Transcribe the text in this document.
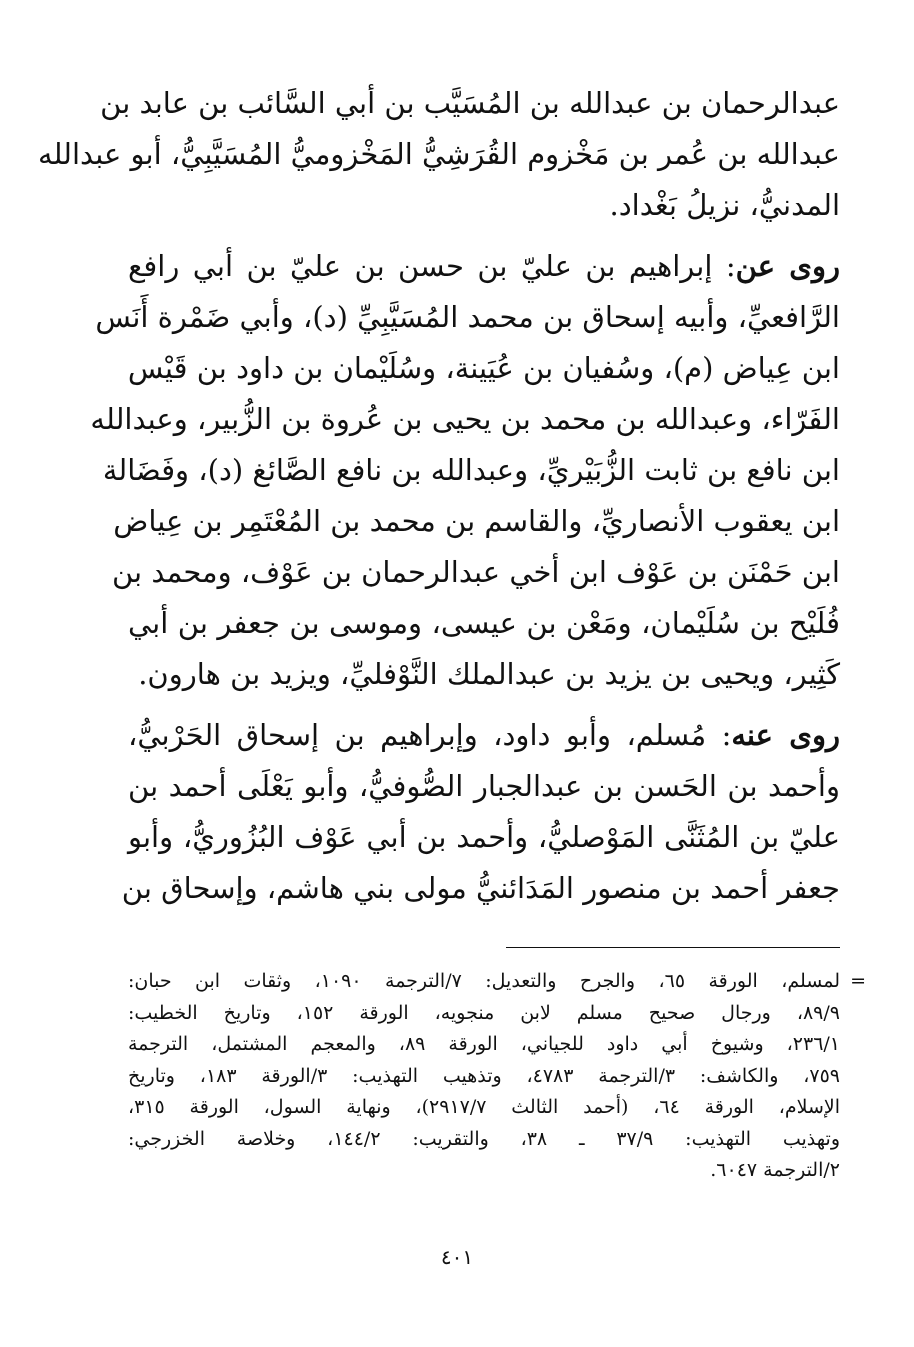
عبدالرحمان بن عبدالله بن المُسَيَّب بن أبي السَّائب بن عابد بن
عبدالله بن عُمر بن مَخْزوم القُرَشِيُّ المَخْزوميُّ المُسَيَّبِيُّ، أبو عبدالله
المدنيُّ، نزيلُ بَغْداد.
روى عن: إبراهيم بن عليّ بن حسن بن عليّ بن أبي رافع
الرَّافعيِّ، وأبيه إسحاق بن محمد المُسَيَّبِيِّ (د)، وأبي ضَمْرة أَنَس
ابن عِياض (م)، وسُفيان بن عُيَينة، وسُلَيْمان بن داود بن قَيْس
الفَرّاء، وعبدالله بن محمد بن يحيى بن عُروة بن الزُّبير، وعبدالله
ابن نافع بن ثابت الزُّبَيْريِّ، وعبدالله بن نافع الصَّائغ (د)، وفَضَالة
ابن يعقوب الأنصاريِّ، والقاسم بن محمد بن المُعْتَمِر بن عِياض
ابن حَمْنَن بن عَوْف ابن أخي عبدالرحمان بن عَوْف، ومحمد بن
فُلَيْح بن سُلَيْمان، ومَعْن بن عيسى، وموسى بن جعفر بن أبي
كَثِير، ويحيى بن يزيد بن عبدالملك النَّوْفليِّ، ويزيد بن هارون.
روى عنه: مُسلم، وأبو داود، وإبراهيم بن إسحاق الحَرْبيُّ،
وأحمد بن الحَسن بن عبدالجبار الصُّوفيُّ، وأبو يَعْلَى أحمد بن
عليّ بن المُثَنَّى المَوْصليُّ، وأحمد بن أبي عَوْف البُزُوريُّ، وأبو
جعفر أحمد بن منصور المَدَائنيُّ مولى بني هاشم، وإسحاق بن
=
لمسلم، الورقة ٦٥، والجرح والتعديل: ٧/الترجمة ١٠٩٠، وثقات ابن حبان:
٨٩/٩، ورجال صحيح مسلم لابن منجويه، الورقة ١٥٢، وتاريخ الخطيب:
٢٣٦/١، وشيوخ أبي داود للجياني، الورقة ٨٩، والمعجم المشتمل، الترجمة
٧٥٩، والكاشف: ٣/الترجمة ٤٧٨٣، وتذهيب التهذيب: ٣/الورقة ١٨٣، وتاريخ
الإسلام، الورقة ٦٤، (أحمد الثالث ٢٩١٧/٧)، ونهاية السول، الورقة ٣١٥،
وتهذيب التهذيب: ٣٧/٩ ـ ٣٨، والتقريب: ١٤٤/٢، وخلاصة الخزرجي:
٢/الترجمة ٦٠٤٧.
٤٠١
